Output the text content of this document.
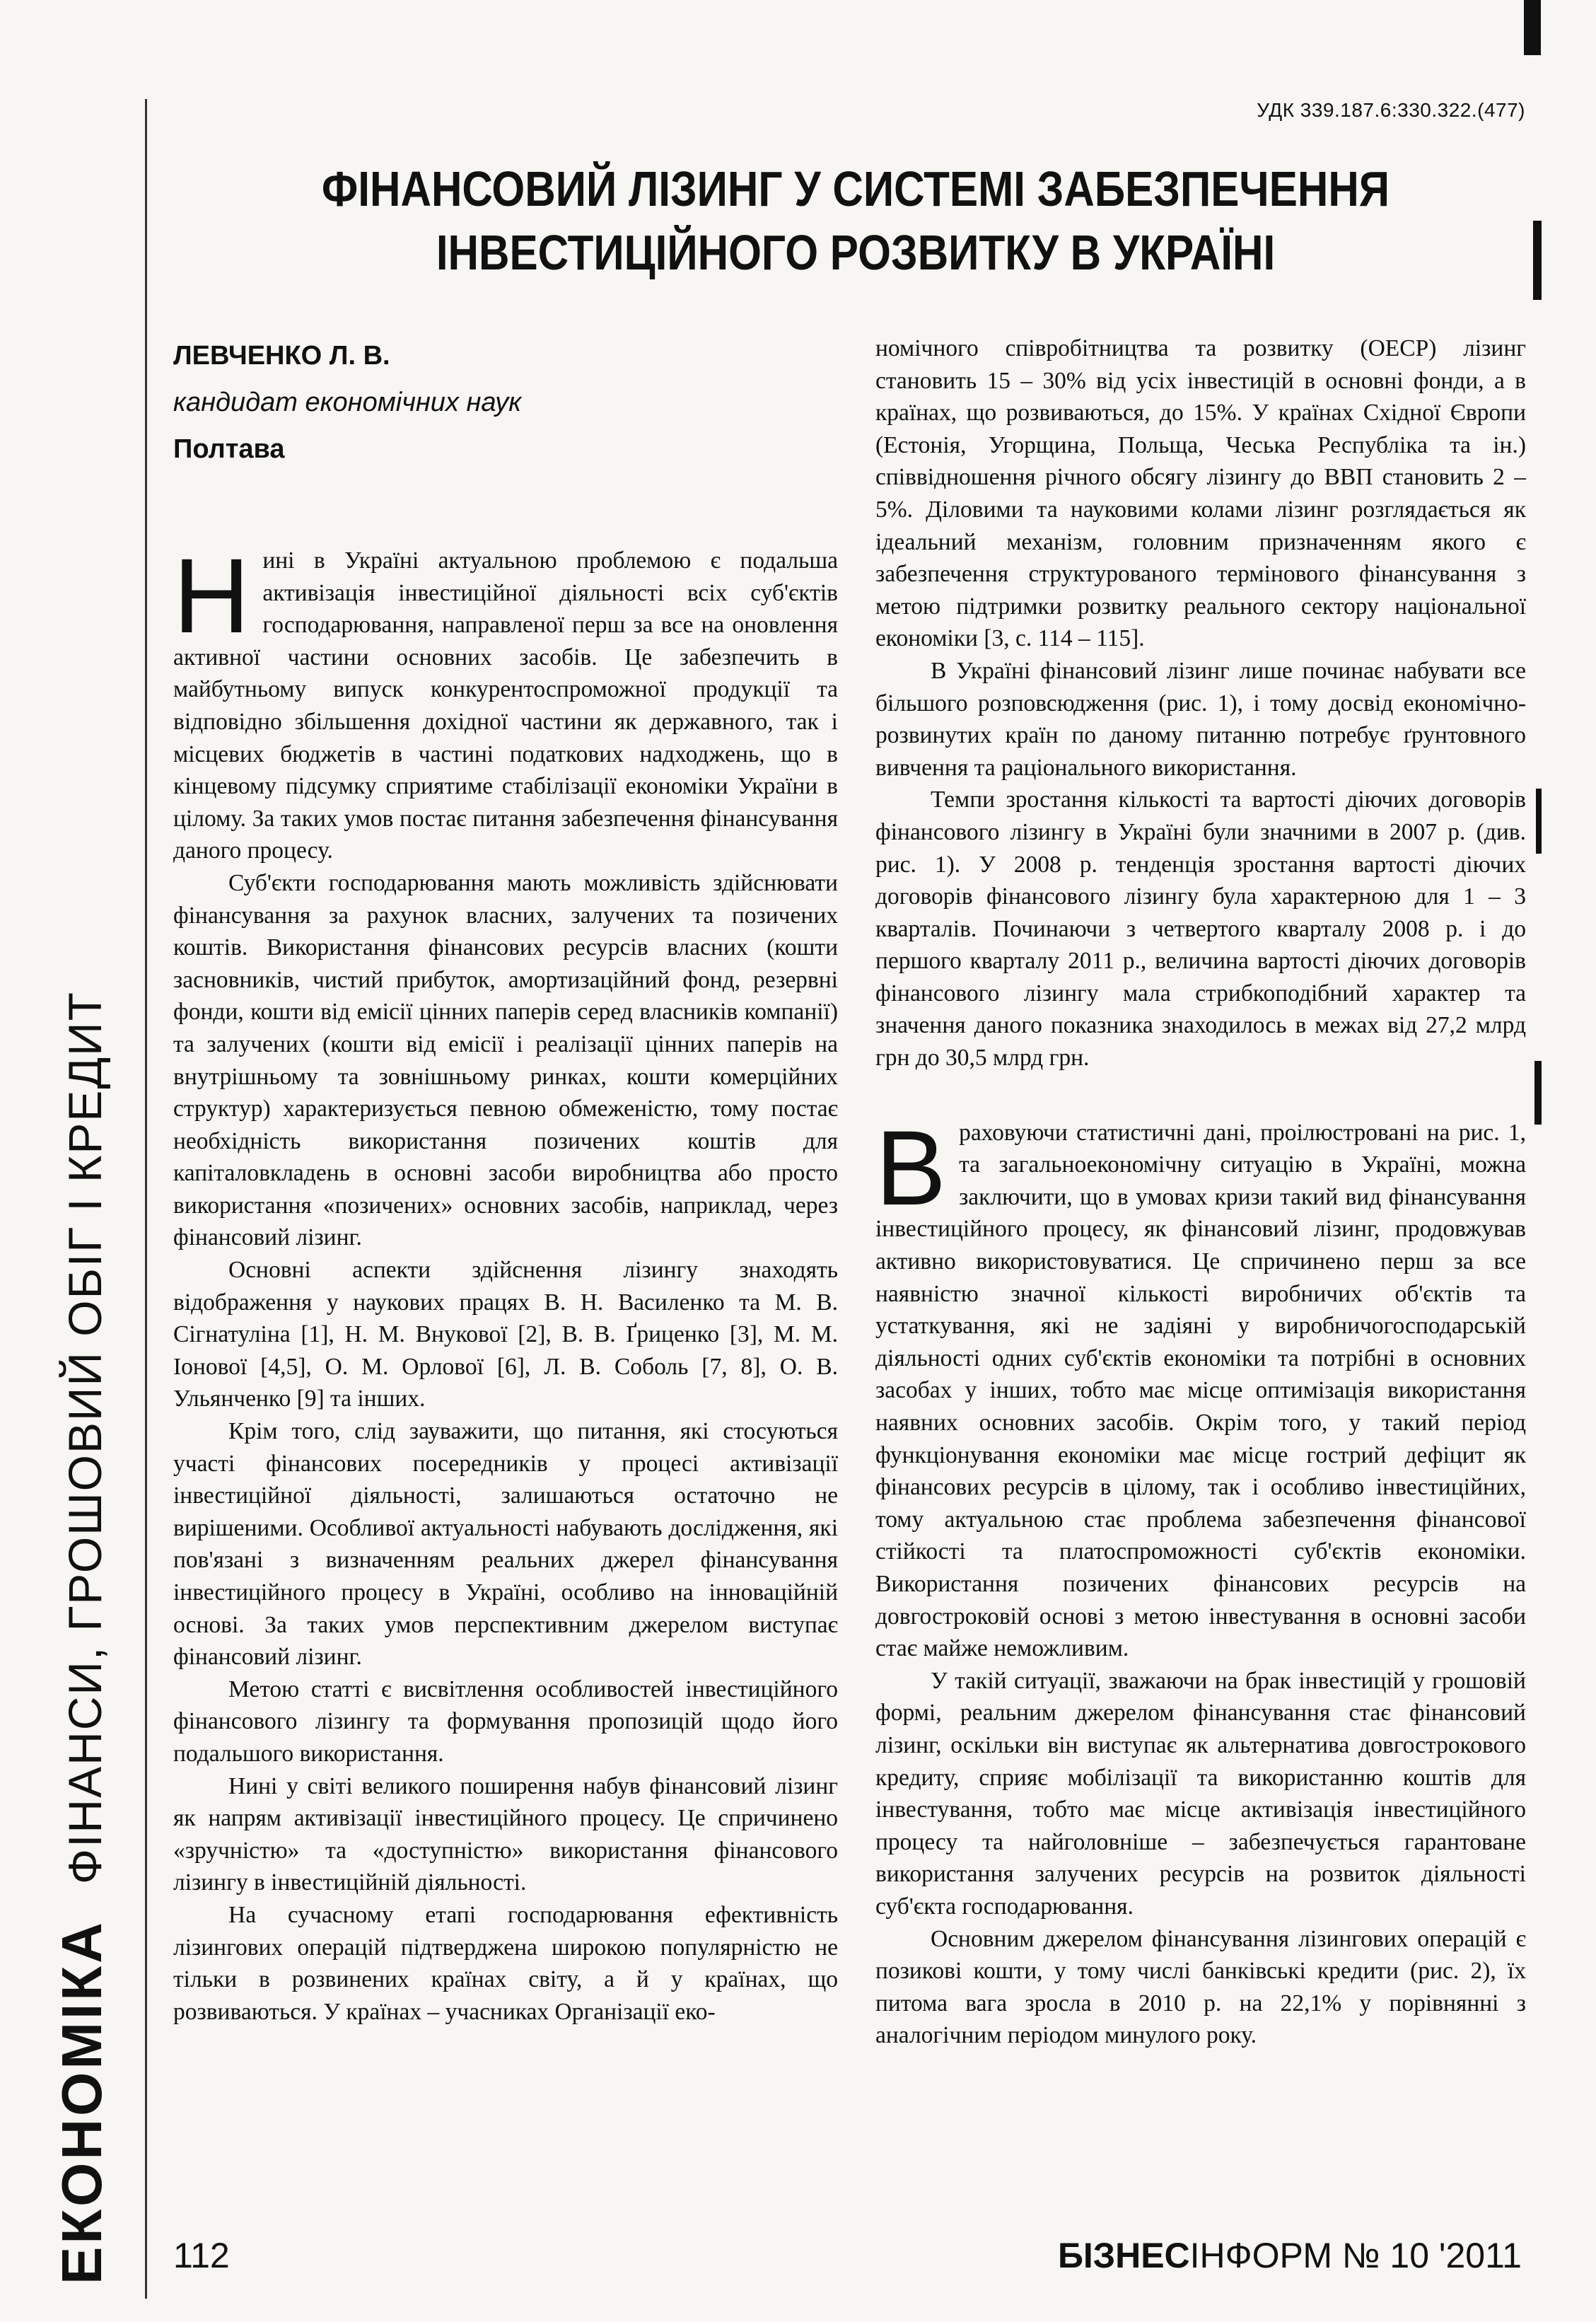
УДК 339.187.6:330.322.(477)
ФІНАНСОВИЙ ЛІЗИНГ У СИСТЕМІ ЗАБЕЗПЕЧЕННЯ ІНВЕСТИЦІЙНОГО РОЗВИТКУ В УКРАЇНІ
ЛЕВЧЕНКО Л. В.
кандидат економічних наук
Полтава
ЕКОНОМІКАФІНАНСИ, ГРОШОВИЙ ОБІГ І КРЕДИТ

Нинi в Україні актуальною проблемою є подальша активізація інвестиційної діяльності всіх суб'єктів господарювання, направленої перш за все на оновлення активної частини основних засобів. Це забезпечить в майбутньому випуск конкурентоспроможної продукції та відповідно збільшення дохідної частини як державного, так і місцевих бюджетів в частині податкових надходжень, що в кінцевому підсумку сприятиме стабілізації економіки України в цілому. За таких умов постає питання забезпечення фінансування даного процесу.

Суб'єкти господарювання мають можливість здійснювати фінансування за рахунок власних, залучених та позичених коштів. Використання фінансових ресурсів власних (кошти засновників, чистий прибуток, амортизаційний фонд, резервні фонди, кошти від емісії цінних паперів серед власників компанії) та залучених (кошти від емісії і реалізації цінних паперів на внутрішньому та зовнішньому ринках, кошти комерційних структур) характеризується певною обмеженістю, тому постає необхідність використання позичених коштів для капіталовкладень в основні засоби виробництва або просто використання «позичених» основних засобів, наприклад, через фінансовий лізинг.

Основні аспекти здійснення лізингу знаходять відображення у наукових працях В. Н. Василенко та М. В. Сігнатуліна [1], Н. М. Внукової [2], В. В. Ґриценко [3], М. М. Іонової [4,5], О. М. Орлової [6], Л. В. Соболь [7, 8], О. В. Ульянченко [9] та інших.

Крім того, слід зауважити, що питання, які стосуються участі фінансових посередників у процесі активізації інвестиційної діяльності, залишаються остаточно не вирішеними. Особливої актуальності набувають дослідження, які пов'язані з визначенням реальних джерел фінансування інвестиційного процесу в Україні, особливо на інноваційній основі. За таких умов перспективним джерелом виступає фінансовий лізинг.

Метою статті є висвітлення особливостей інвестиційного фінансового лізингу та формування пропозицій щодо його подальшого використання.

Нині у світі великого поширення набув фінансовий лізинг як напрям активізації інвестиційного процесу. Це спричинено «зручністю» та «доступністю» використання фінансового лізингу в інвестиційній діяльності.

На сучасному етапі господарювання ефективність лізингових операцій підтверджена широкою популярністю не тільки в розвинених країнах світу, а й у країнах, що розвиваються. У країнах – учасниках Організації еко-

номічного співробітництва та розвитку (ОЕСР) лізинг становить 15 – 30% від усіх інвестицій в основні фонди, а в країнах, що розвиваються, до 15%. У країнах Східної Європи (Естонія, Угорщина, Польща, Чеська Республіка та ін.) співвідношення річного обсягу лізингу до ВВП становить 2 – 5%. Діловими та науковими колами лізинг розглядається як ідеальний механізм, головним призначенням якого є забезпечення структурованого термінового фінансування з метою підтримки розвитку реального сектору національної економіки [3, с. 114 – 115].

В Україні фінансовий лізинг лише починає набувати все більшого розповсюдження (рис. 1), і тому досвід економічно-розвинутих країн по даному питанню потребує ґрунтовного вивчення та раціонального використання.

Темпи зростання кількості та вартості діючих договорів фінансового лізингу в Україні були значними в 2007 р. (див. рис. 1). У 2008 р. тенденція зростання вартості діючих договорів фінансового лізингу була характерною для 1 – 3 кварталів. Починаючи з четвертого кварталу 2008 р. і до першого кварталу 2011 р., величина вартості діючих договорів фінансового лізингу мала стрибкоподібний характер та значення даного показника знаходилось в межах від 27,2 млрд грн до 30,5 млрд грн.

Враховуючи статистичні дані, проілюстровані на рис. 1, та загальноекономічну ситуацію в Україні, можна заключити, що в умовах кризи такий вид фінансування інвестиційного процесу, як фінансовий лізинг, продовжував активно використовуватися. Це спричинено перш за все наявністю значної кількості виробничих об'єктів та устаткування, які не задіяні у виробничогосподарській діяльності одних суб'єктів економіки та потрібні в основних засобах у інших, тобто має місце оптимізація використання наявних основних засобів. Окрім того, у такий період функціонування економіки має місце гострий дефіцит як фінансових ресурсів в цілому, так і особливо інвестиційних, тому актуальною стає проблема забезпечення фінансової стійкості та платоспроможності суб'єктів економіки. Використання позичених фінансових ресурсів на довгостроковій основі з метою інвестування в основні засоби стає майже неможливим.

У такій ситуації, зважаючи на брак інвестицій у грошовій формі, реальним джерелом фінансування стає фінансовий лізинг, оскільки він виступає як альтернатива довгострокового кредиту, сприяє мобілізації та використанню коштів для інвестування, тобто має місце активізація інвестиційного процесу та найголовніше – забезпечується гарантоване використання залучених ресурсів на розвиток діяльності суб'єкта господарювання.

Основним джерелом фінансування лізингових операцій є позикові кошти, у тому числі банківські кредити (рис. 2), їх питома вага зросла в 2010 р. на 22,1% у порівнянні з аналогічним періодом минулого року.

112	БІЗНЕСІНФОРМ № 10 '2011
